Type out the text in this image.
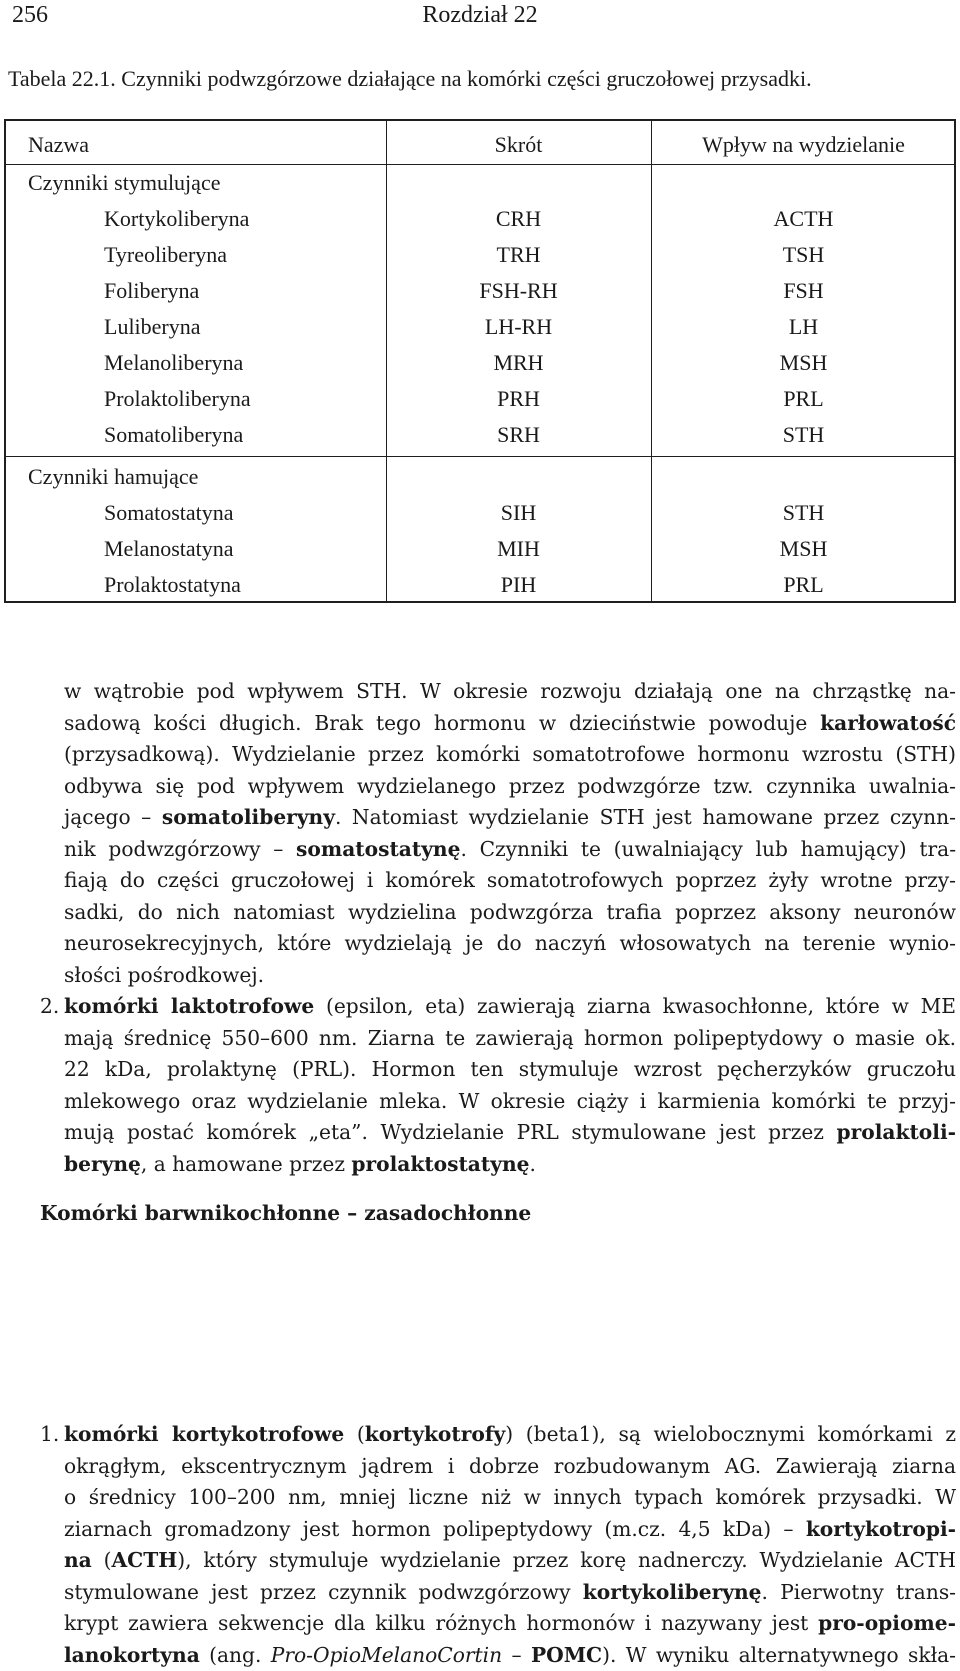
256	Rozdział 22
Tabela 22.1. Czynniki podwzgórzowe działające na komórki części gruczołowej przysadki.
Nazwa	Skrót	Wpływ na wydzielanie
Czynniki stymulujące
Kortykoliberyna	CRH	ACTH
Tyreoliberyna	TRH	TSH
Foliberyna	FSH-RH	FSH
Luliberyna	LH-RH	LH
Melanoliberyna	MRH	MSH
Prolaktoliberyna	PRH	PRL
Somatoliberyna	SRH	STH
Czynniki hamujące
Somatostatyna	SIH	STH
Melanostatyna	MIH	MSH
Prolaktostatyna	PIH	PRL
w wątrobie pod wpływem STH. W okresie rozwoju działają one na chrząstkę na-
sadową kości długich. Brak tego hormonu w dzieciństwie powoduje karłowatość
(przysadkową). Wydzielanie przez komórki somatotrofowe hormonu wzrostu (STH)
odbywa się pod wpływem wydzielanego przez podwzgórze tzw. czynnika uwalnia-
jącego – somatoliberyny. Natomiast wydzielanie STH jest hamowane przez czynn-
nik podwzgórzowy – somatostatynę. Czynniki te (uwalniający lub hamujący) tra-
fiają do części gruczołowej i komórek somatotrofowych poprzez żyły wrotne przy-
sadki, do nich natomiast wydzielina podwzgórza trafia poprzez aksony neuronów
neurosekrecyjnych, które wydzielają je do naczyń włosowatych na terenie wynio-
słości pośrodkowej.
2. komórki laktotrofowe (epsilon, eta) zawierają ziarna kwasochłonne, które w ME
mają średnicę 550–600 nm. Ziarna te zawierają hormon polipeptydowy o masie ok.
22 kDa, prolaktynę (PRL). Hormon ten stymuluje wzrost pęcherzyków gruczołu
mlekowego oraz wydzielanie mleka. W okresie ciąży i karmienia komórki te przyj-
mują postać komórek „eta”. Wydzielanie PRL stymulowane jest przez prolaktoli-
berynę, a hamowane przez prolaktostatynę.
Komórki barwnikochłonne – zasadochłonne
1. komórki kortykotrofowe (kortykotrofy) (beta1), są wielobocznymi komórkami z
okrągłym, ekscentrycznym jądrem i dobrze rozbudowanym AG. Zawierają ziarna
o średnicy 100–200 nm, mniej liczne niż w innych typach komórek przysadki. W
ziarnach gromadzony jest hormon polipeptydowy (m.cz. 4,5 kDa) – kortykotropi-
na (ACTH), który stymuluje wydzielanie przez korę nadnerczy. Wydzielanie ACTH
stymulowane jest przez czynnik podwzgórzowy kortykoliberynę. Pierwotny trans-
krypt zawiera sekwencje dla kilku różnych hormonów i nazywany jest pro-opiome-
lanokortyna (ang. Pro-OpioMelanoCortin – POMC). W wyniku alternatywnego skła-
